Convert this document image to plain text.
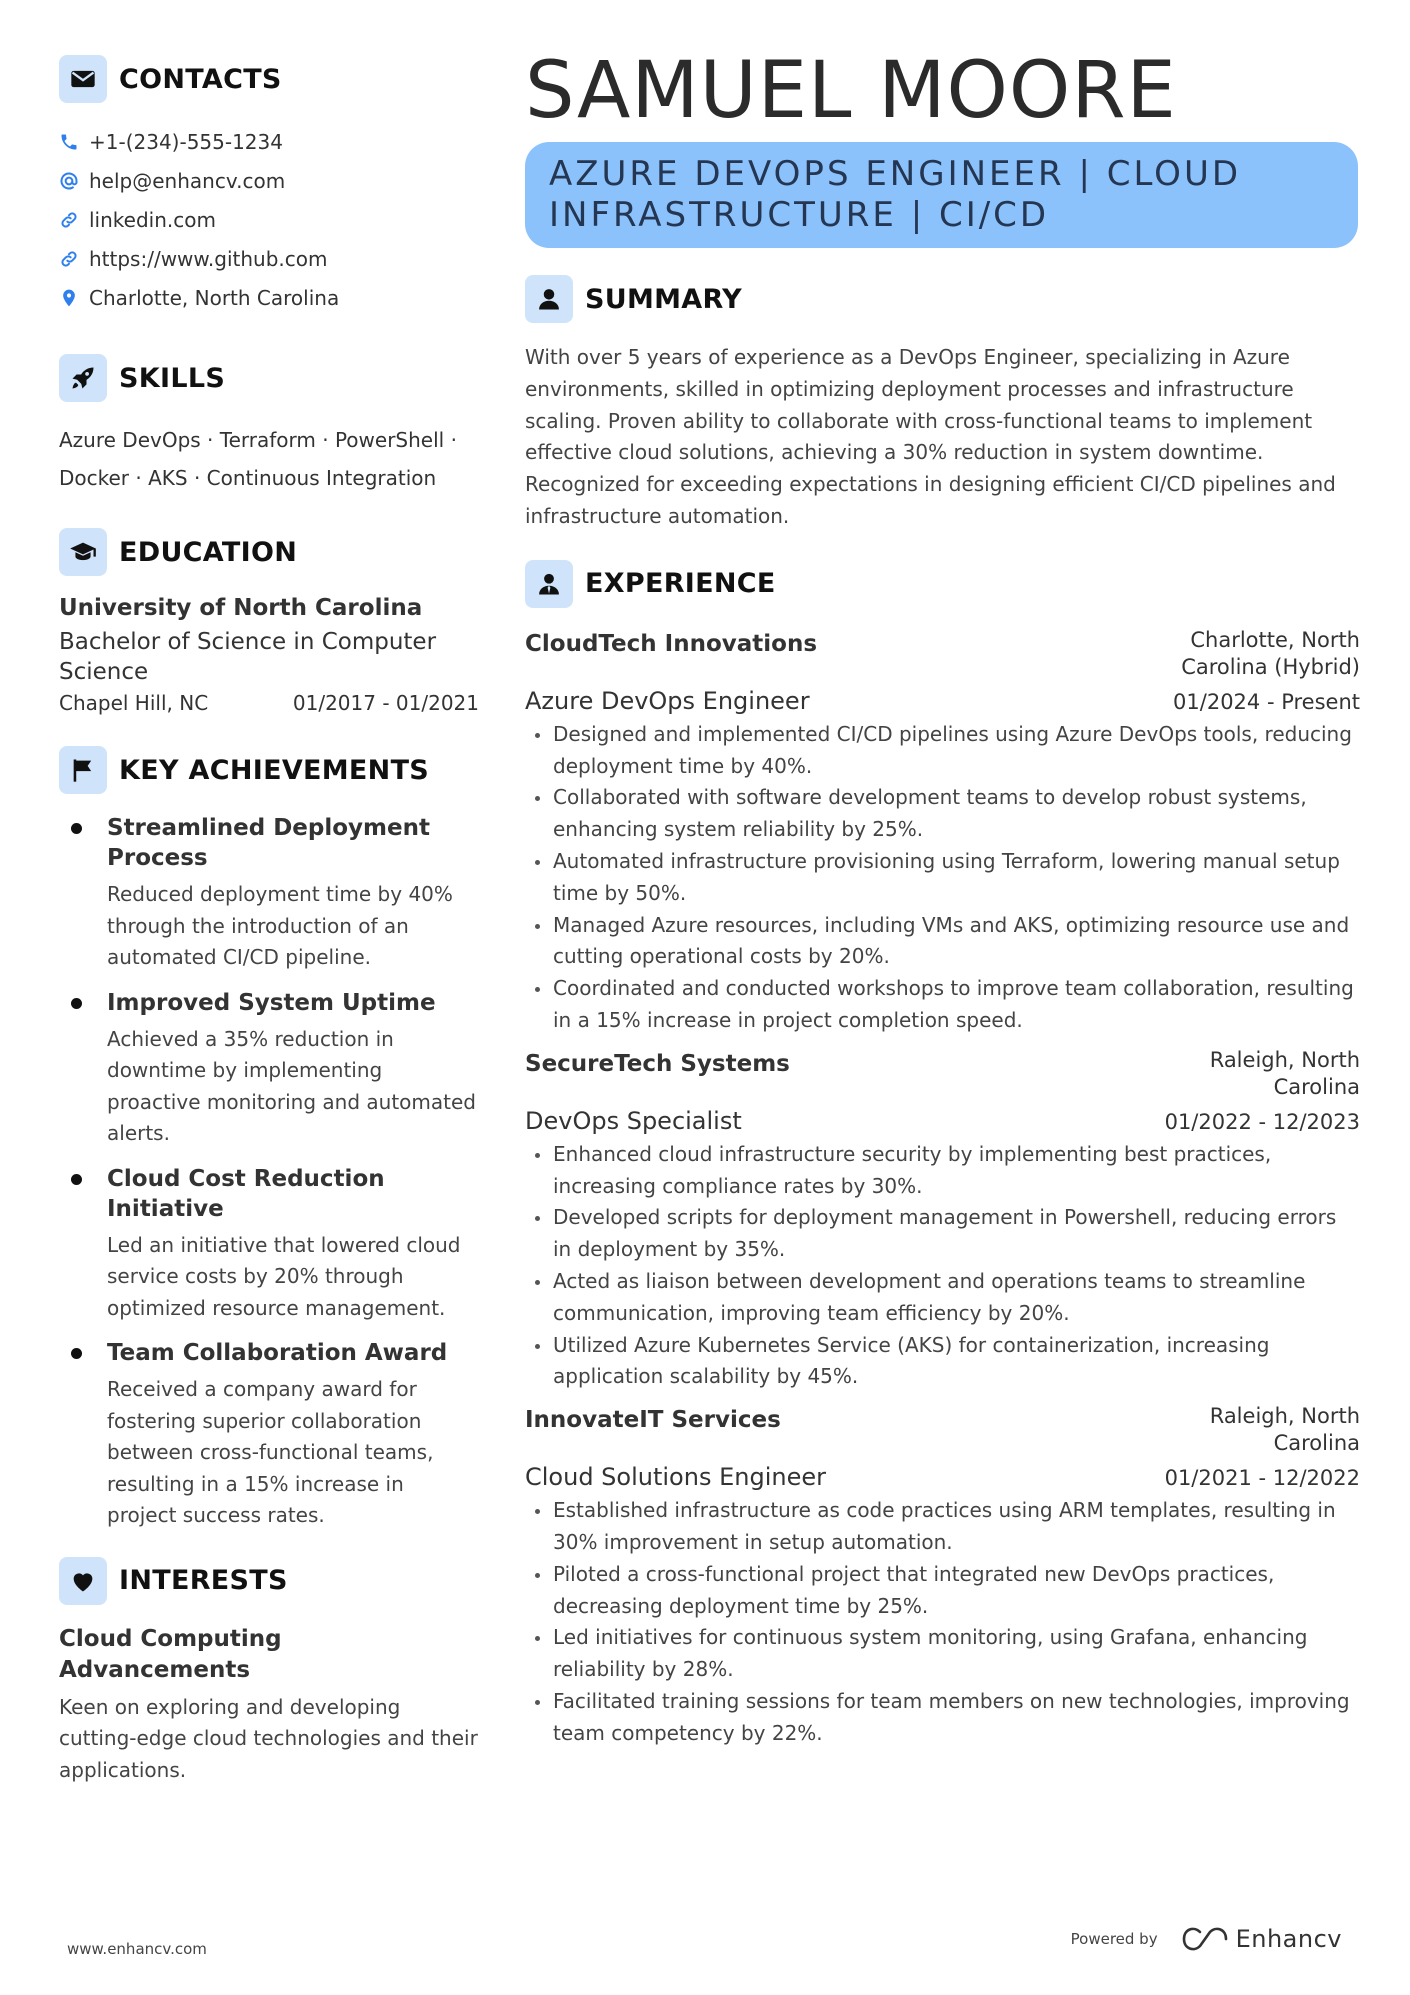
CONTACTS
+1-(234)-555-1234
help@enhancv.com
linkedin.com
https://www.github.com
Charlotte, North Carolina
SKILLS
Azure DevOps · Terraform · PowerShell · Docker · AKS · Continuous Integration
EDUCATION
University of North Carolina
Bachelor of Science in Computer Science
Chapel Hill, NC	01/2017 - 01/2021
KEY ACHIEVEMENTS
Streamlined Deployment Process
Reduced deployment time by 40% through the introduction of an automated CI/CD pipeline.
Improved System Uptime
Achieved a 35% reduction in downtime by implementing proactive monitoring and automated alerts.
Cloud Cost Reduction Initiative
Led an initiative that lowered cloud service costs by 20% through optimized resource management.
Team Collaboration Award
Received a company award for fostering superior collaboration between cross-functional teams, resulting in a 15% increase in project success rates.
INTERESTS
Cloud Computing Advancements
Keen on exploring and developing cutting-edge cloud technologies and their applications.
SAMUEL MOORE
AZURE DEVOPS ENGINEER | CLOUD INFRASTRUCTURE | CI/CD
SUMMARY
With over 5 years of experience as a DevOps Engineer, specializing in Azure environments, skilled in optimizing deployment processes and infrastructure scaling. Proven ability to collaborate with cross-functional teams to implement effective cloud solutions, achieving a 30% reduction in system downtime. Recognized for exceeding expectations in designing efficient CI/CD pipelines and infrastructure automation.
EXPERIENCE
CloudTech Innovations	Charlotte, North Carolina (Hybrid)
Azure DevOps Engineer	01/2024 - Present
Designed and implemented CI/CD pipelines using Azure DevOps tools, reducing deployment time by 40%.
Collaborated with software development teams to develop robust systems, enhancing system reliability by 25%.
Automated infrastructure provisioning using Terraform, lowering manual setup time by 50%.
Managed Azure resources, including VMs and AKS, optimizing resource use and cutting operational costs by 20%.
Coordinated and conducted workshops to improve team collaboration, resulting in a 15% increase in project completion speed.
SecureTech Systems	Raleigh, North Carolina
DevOps Specialist	01/2022 - 12/2023
Enhanced cloud infrastructure security by implementing best practices, increasing compliance rates by 30%.
Developed scripts for deployment management in Powershell, reducing errors in deployment by 35%.
Acted as liaison between development and operations teams to streamline communication, improving team efficiency by 20%.
Utilized Azure Kubernetes Service (AKS) for containerization, increasing application scalability by 45%.
InnovateIT Services	Raleigh, North Carolina
Cloud Solutions Engineer	01/2021 - 12/2022
Established infrastructure as code practices using ARM templates, resulting in 30% improvement in setup automation.
Piloted a cross-functional project that integrated new DevOps practices, decreasing deployment time by 25%.
Led initiatives for continuous system monitoring, using Grafana, enhancing reliability by 28%.
Facilitated training sessions for team members on new technologies, improving team competency by 22%.
www.enhancv.com
Powered by	Enhancv
